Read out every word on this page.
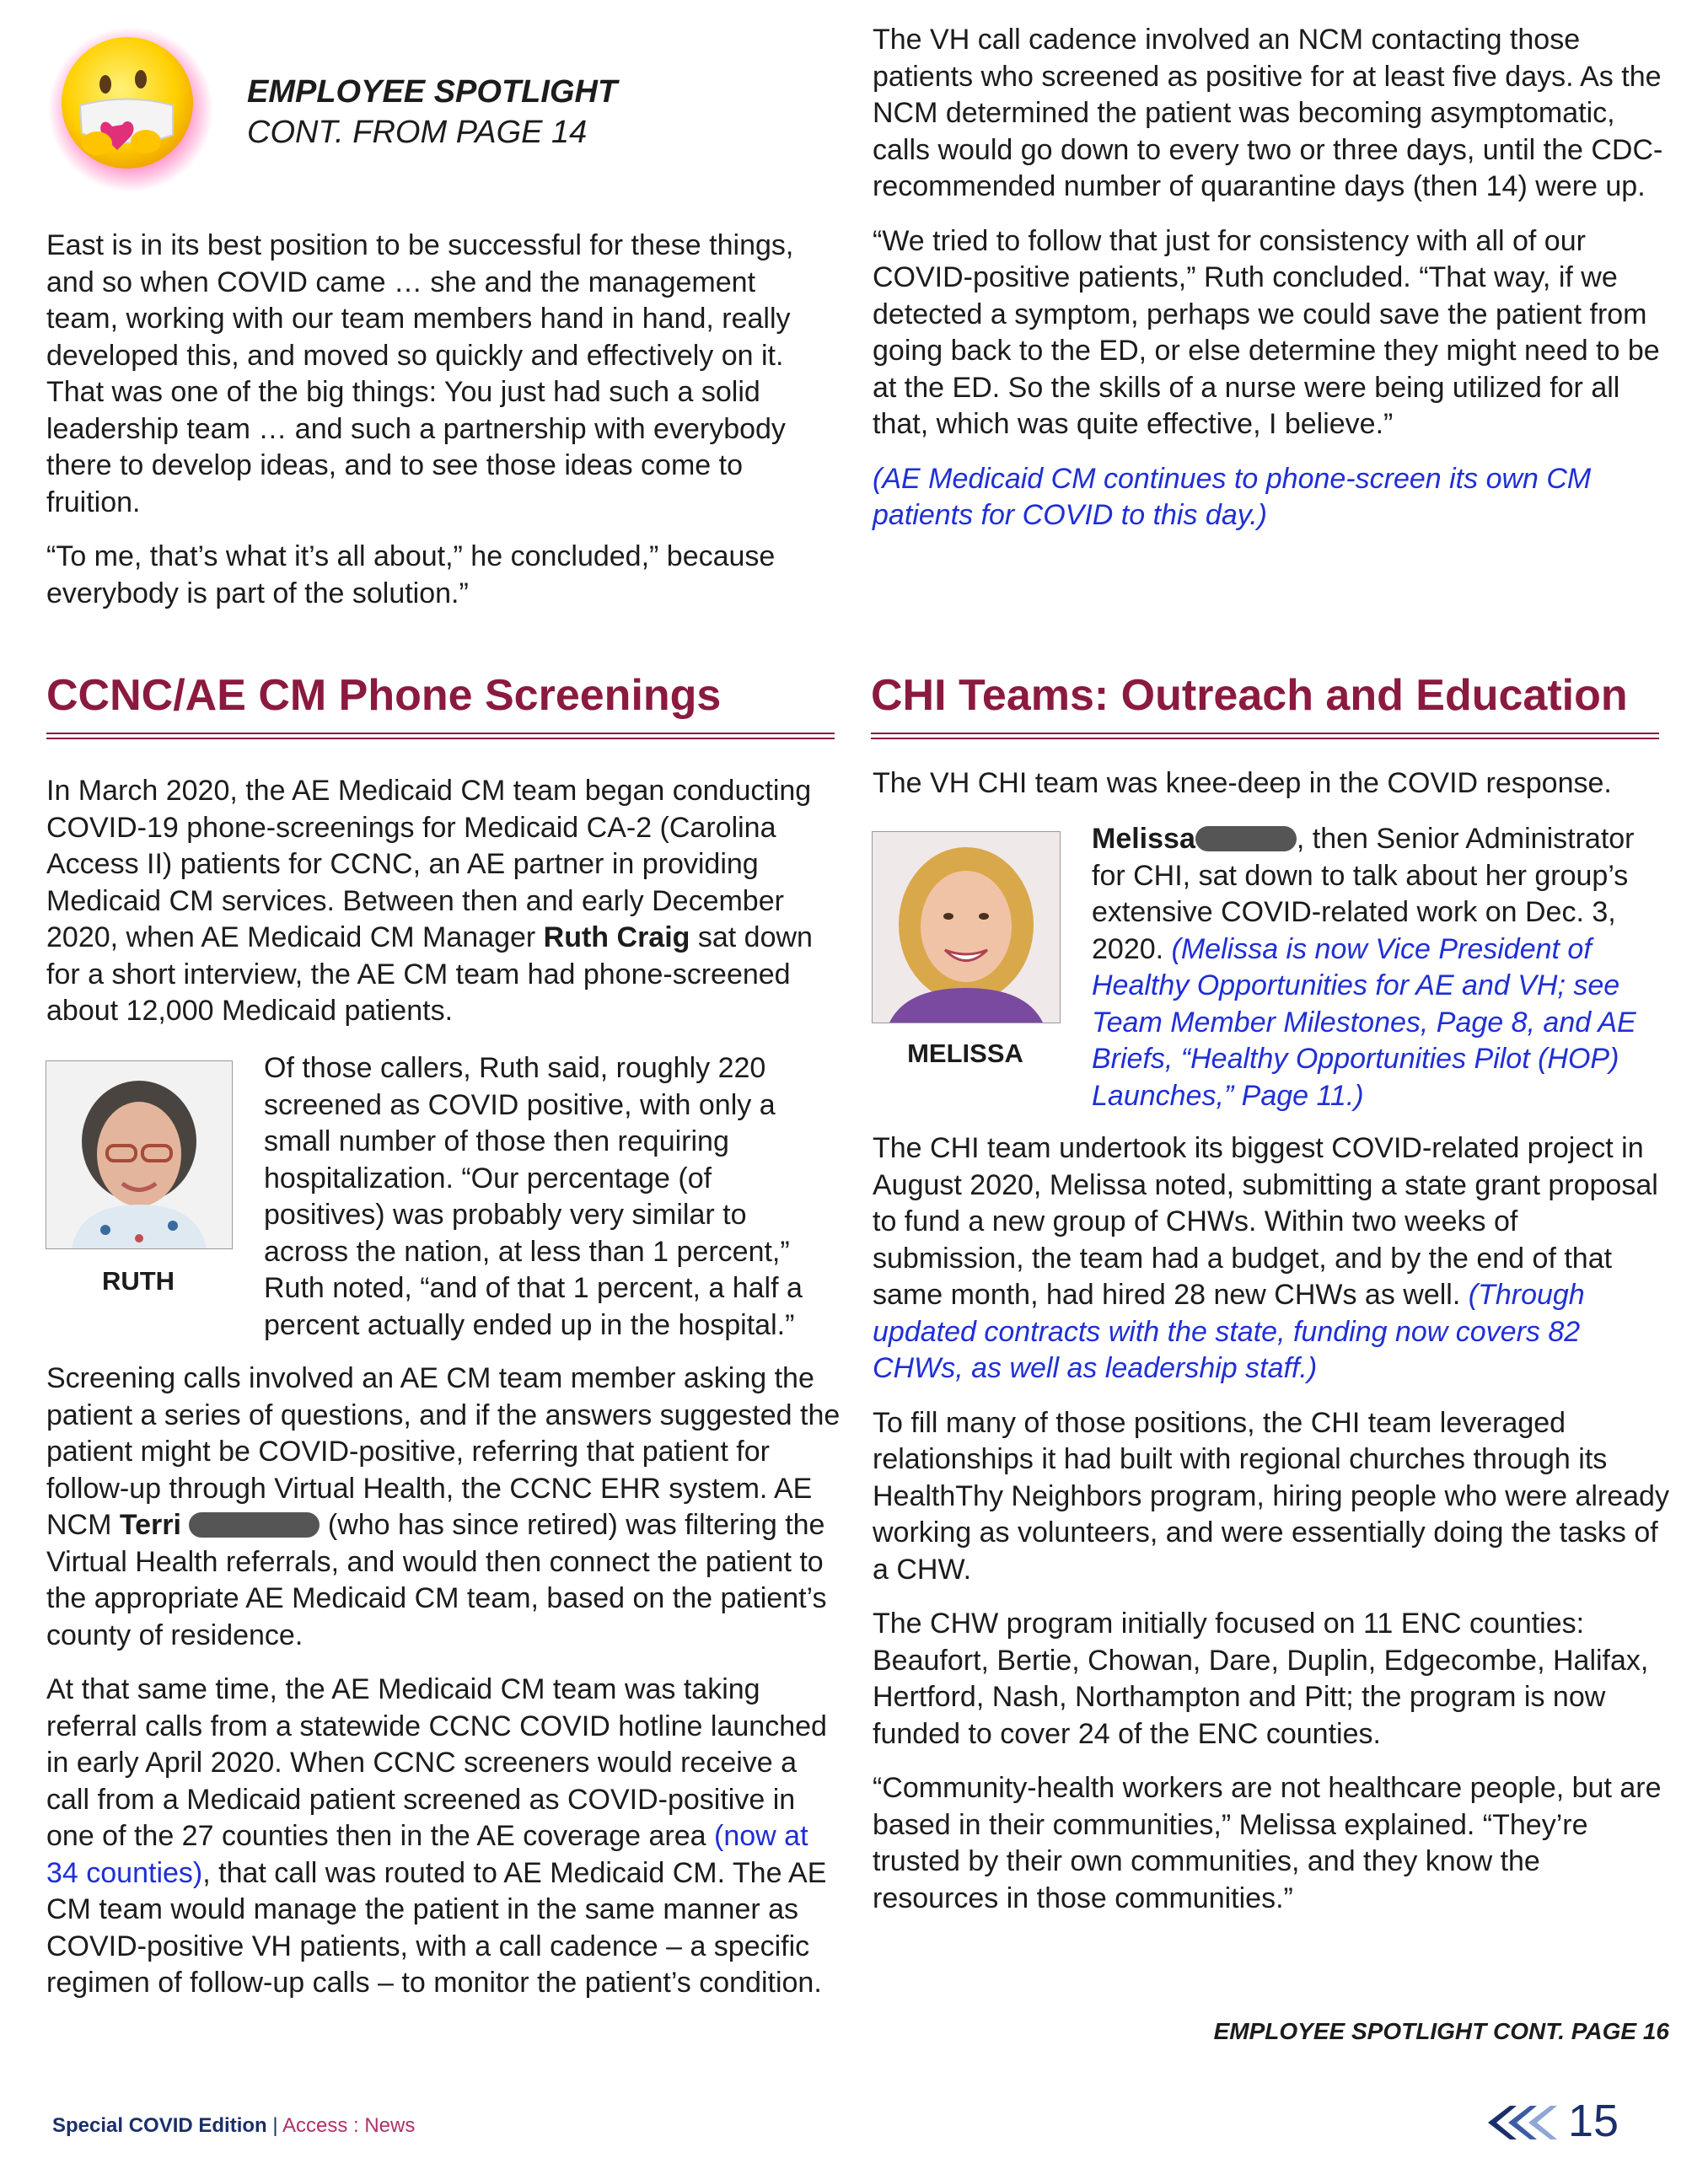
EMPLOYEE SPOTLIGHT
CONT. FROM PAGE 14

East is in its best position to be successful for these things, and so when COVID came … she and the management team, working with our team members hand in hand, really developed this, and moved so quickly and effectively on it. That was one of the big things: You just had such a solid leadership team … and such a partnership with everybody there to develop ideas, and to see those ideas come to fruition.

“To me, that’s what it’s all about,” he concluded,” because everybody is part of the solution.”

CCNC/AE CM Phone Screenings

In March 2020, the AE Medicaid CM team began conducting COVID-19 phone-screenings for Medicaid CA-2 (Carolina Access II) patients for CCNC, an AE partner in providing Medicaid CM services. Between then and early December 2020, when AE Medicaid CM Manager Ruth Craig sat down for a short interview, the AE CM team had phone-screened about 12,000 Medicaid patients.

RUTH

Of those callers, Ruth said, roughly 220 screened as COVID positive, with only a small number of those then requiring hospitalization. “Our percentage (of positives) was probably very similar to across the nation, at less than 1 percent,” Ruth noted, “and of that 1 percent, a half a percent actually ended up in the hospital.”

Screening calls involved an AE CM team member asking the patient a series of questions, and if the answers suggested the patient might be COVID-positive, referring that patient for follow-up through Virtual Health, the CCNC EHR system. AE NCM Terri	(who has since retired) was filtering the Virtual Health referrals, and would then connect the patient to the appropriate AE Medicaid CM team, based on the patient’s county of residence.

At that same time, the AE Medicaid CM team was taking referral calls from a statewide CCNC COVID hotline launched in early April 2020. When CCNC screeners would receive a call from a Medicaid patient screened as COVID-positive in one of the 27 counties then in the AE coverage area (now at 34 counties), that call was routed to AE Medicaid CM. The AE CM team would manage the patient in the same manner as COVID-positive VH patients, with a call cadence – a specific regimen of follow-up calls – to monitor the patient’s condition.

The VH call cadence involved an NCM contacting those patients who screened as positive for at least five days. As the NCM determined the patient was becoming asymptomatic, calls would go down to every two or three days, until the CDC-recommended number of quarantine days (then 14) were up.

“We tried to follow that just for consistency with all of our COVID-positive patients,” Ruth concluded. “That way, if we detected a symptom, perhaps we could save the patient from going back to the ED, or else determine they might need to be at the ED. So the skills of a nurse were being utilized for all that, which was quite effective, I believe.”

(AE Medicaid CM continues to phone-screen its own CM patients for COVID to this day.)

CHI Teams: Outreach and Education

The VH CHI team was knee-deep in the COVID response.

MELISSA

Melissa	, then Senior Administrator for CHI, sat down to talk about her group’s extensive COVID-related work on Dec. 3, 2020. (Melissa is now Vice President of Healthy Opportunities for AE and VH; see Team Member Milestones, Page 8, and AE Briefs, “Healthy Opportunities Pilot (HOP) Launches,” Page 11.)

The CHI team undertook its biggest COVID-related project in August 2020, Melissa noted, submitting a state grant proposal to fund a new group of CHWs. Within two weeks of submission, the team had a budget, and by the end of that same month, had hired 28 new CHWs as well. (Through updated contracts with the state, funding now covers 82 CHWs, as well as leadership staff.)

To fill many of those positions, the CHI team leveraged relationships it had built with regional churches through its HealthThy Neighbors program, hiring people who were already working as volunteers, and were essentially doing the tasks of a CHW.

The CHW program initially focused on 11 ENC counties: Beaufort, Bertie, Chowan, Dare, Duplin, Edgecombe, Halifax, Hertford, Nash, Northampton and Pitt; the program is now funded to cover 24 of the ENC counties.

“Community-health workers are not healthcare people, but are based in their communities,” Melissa explained. “They’re trusted by their own communities, and they know the resources in those communities.”

EMPLOYEE SPOTLIGHT CONT. PAGE 16
Special COVID Edition | Access : News	15
